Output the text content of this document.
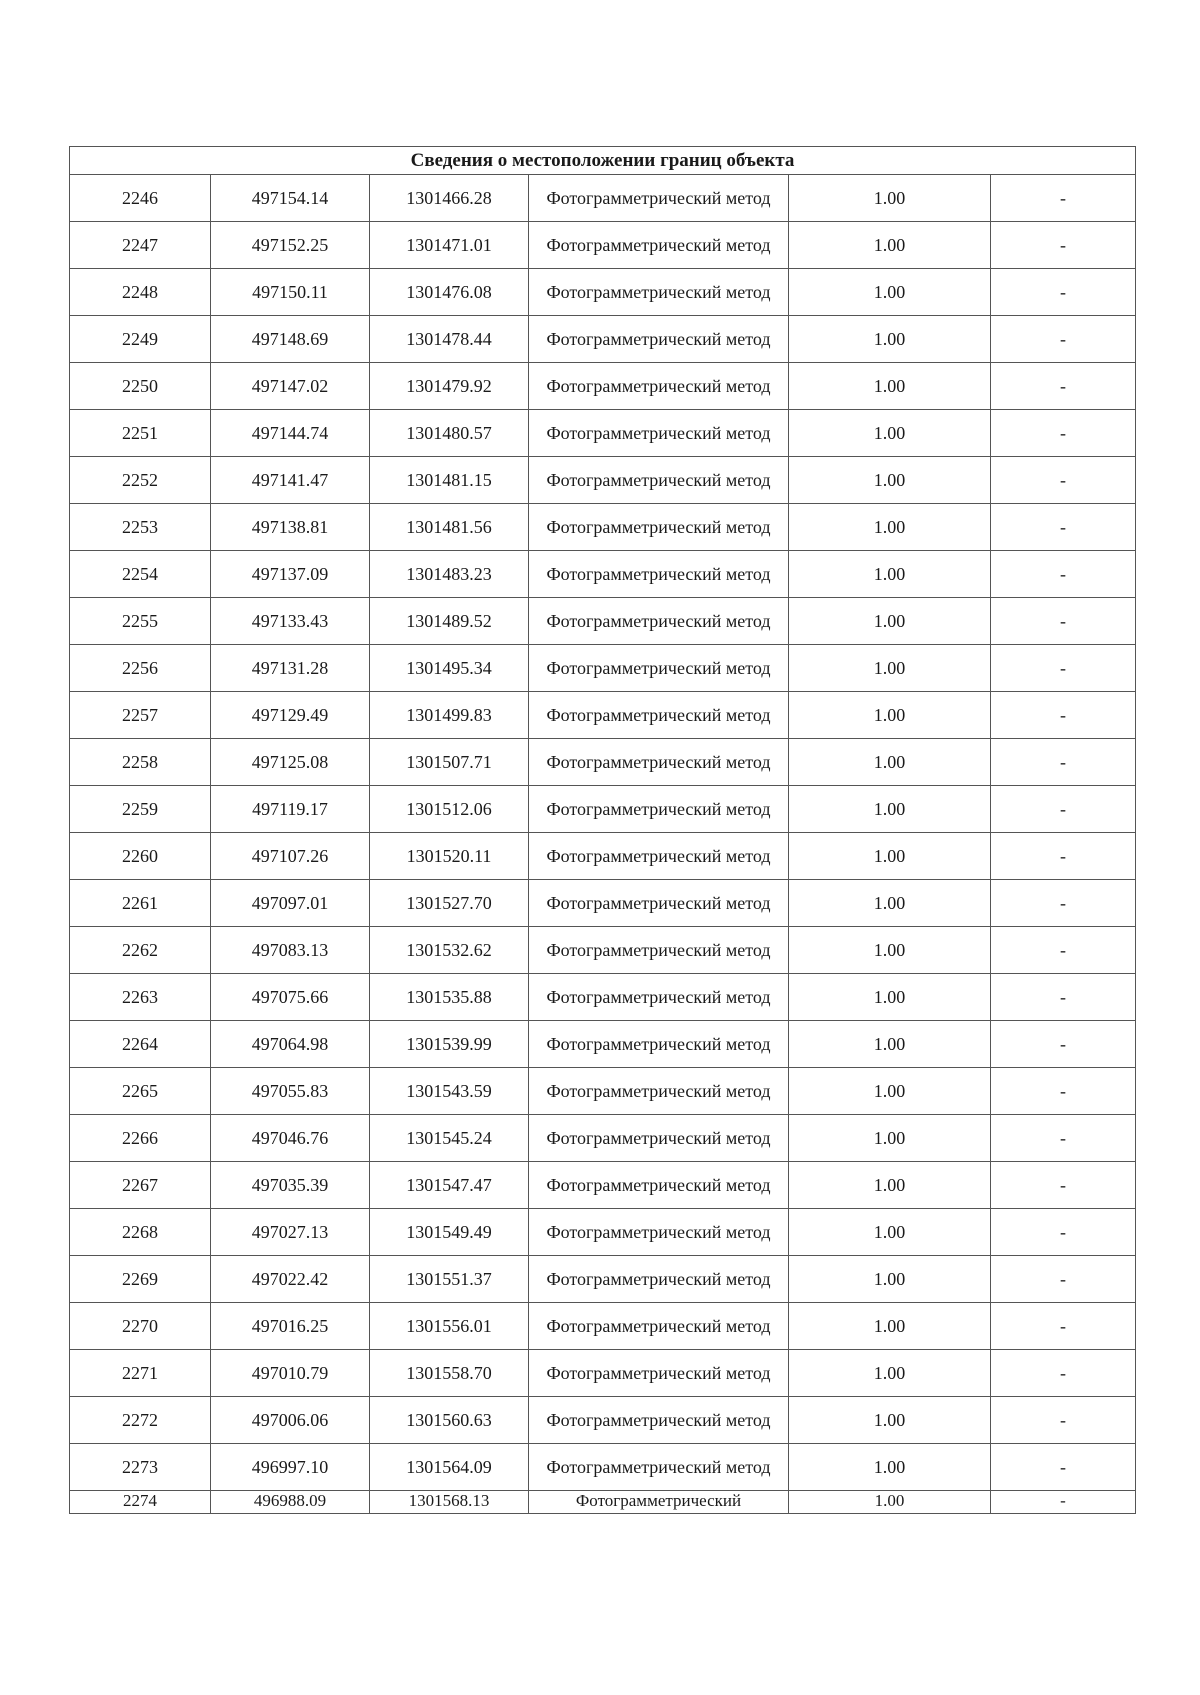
Сведения о местоположении границ объекта					
2246	497154.14	1301466.28	Фотограмметрический метод	1.00	-
2247	497152.25	1301471.01	Фотограмметрический метод	1.00	-
2248	497150.11	1301476.08	Фотограмметрический метод	1.00	-
2249	497148.69	1301478.44	Фотограмметрический метод	1.00	-
2250	497147.02	1301479.92	Фотограмметрический метод	1.00	-
2251	497144.74	1301480.57	Фотограмметрический метод	1.00	-
2252	497141.47	1301481.15	Фотограмметрический метод	1.00	-
2253	497138.81	1301481.56	Фотограмметрический метод	1.00	-
2254	497137.09	1301483.23	Фотограмметрический метод	1.00	-
2255	497133.43	1301489.52	Фотограмметрический метод	1.00	-
2256	497131.28	1301495.34	Фотограмметрический метод	1.00	-
2257	497129.49	1301499.83	Фотограмметрический метод	1.00	-
2258	497125.08	1301507.71	Фотограмметрический метод	1.00	-
2259	497119.17	1301512.06	Фотограмметрический метод	1.00	-
2260	497107.26	1301520.11	Фотограмметрический метод	1.00	-
2261	497097.01	1301527.70	Фотограмметрический метод	1.00	-
2262	497083.13	1301532.62	Фотограмметрический метод	1.00	-
2263	497075.66	1301535.88	Фотограмметрический метод	1.00	-
2264	497064.98	1301539.99	Фотограмметрический метод	1.00	-
2265	497055.83	1301543.59	Фотограмметрический метод	1.00	-
2266	497046.76	1301545.24	Фотограмметрический метод	1.00	-
2267	497035.39	1301547.47	Фотограмметрический метод	1.00	-
2268	497027.13	1301549.49	Фотограмметрический метод	1.00	-
2269	497022.42	1301551.37	Фотограмметрический метод	1.00	-
2270	497016.25	1301556.01	Фотограмметрический метод	1.00	-
2271	497010.79	1301558.70	Фотограмметрический метод	1.00	-
2272	497006.06	1301560.63	Фотограмметрический метод	1.00	-
2273	496997.10	1301564.09	Фотограмметрический метод	1.00	-
2274	496988.09	1301568.13	Фотограмметрический	1.00	-
